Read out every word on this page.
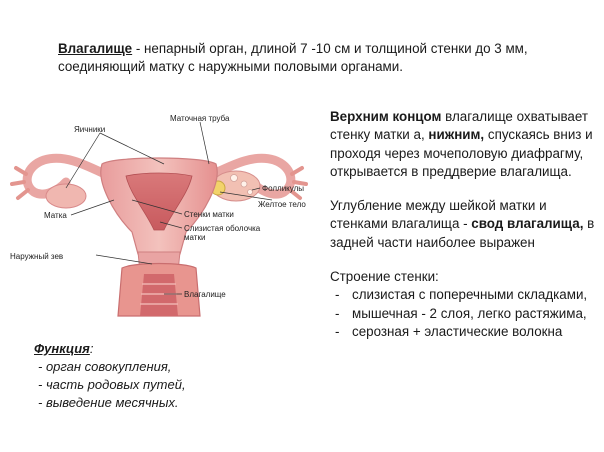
Влагалище - непарный орган, длиной 7 -10 см и толщиной стенки до 3 мм,
соединяющий матку с наружными половыми органами.
Маточная труба
Яичники
Фолликулы
Желтое тело
Матка	Стенки матки
Слизистая оболочка
матки
Наружный зев
Влагалище

Верхним концом влагалище охватывает стенку матки а, нижним, спускаясь вниз и проходя через мочеполовую диафрагму, открывается в преддверие влагалища.

Углубление между шейкой матки и стенками влагалища - свод влагалища, в задней части наиболее выражен

Строение стенки:

- слизистая с поперечными складками,
- мышечная - 2 слоя, легко растяжима,
- серозная + эластические волокна
Функция:
- орган совокупления,
- часть родовых путей,
- выведение месячных.
